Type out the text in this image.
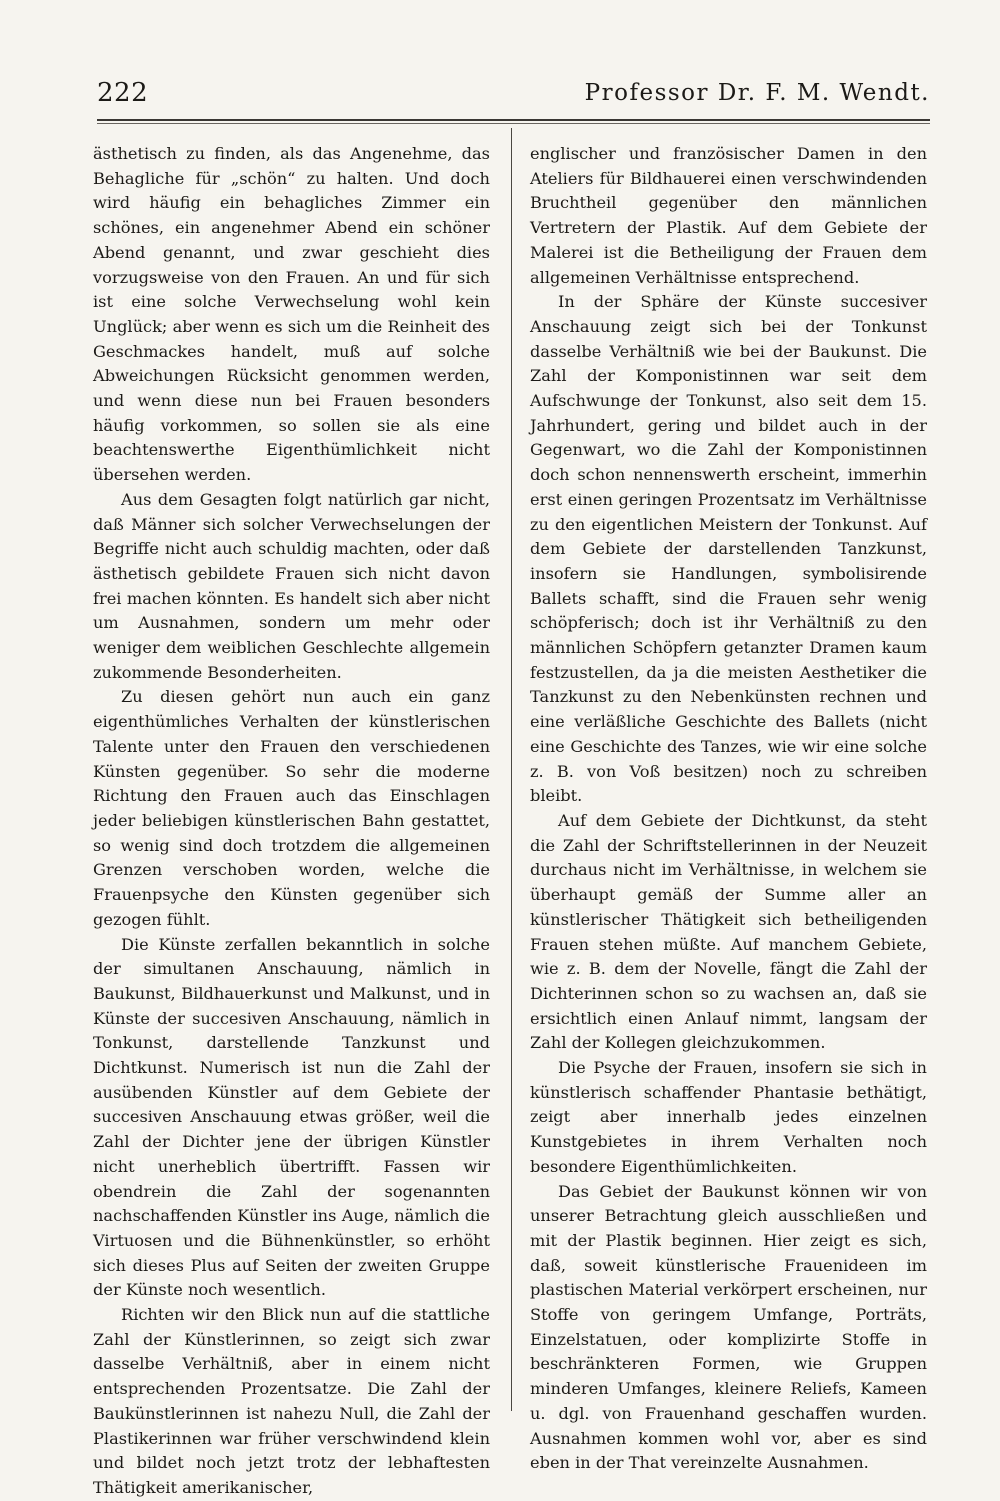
222	Professor Dr. F. M. Wendt.

ästhetisch zu finden, als das Angenehme, das Behagliche für „schön“ zu halten. Und doch wird häufig ein behagliches Zimmer ein schönes, ein angenehmer Abend ein schöner Abend genannt, und zwar geschieht dies vorzugsweise von den Frauen. An und für sich ist eine solche Verwechselung wohl kein Unglück; aber wenn es sich um die Reinheit des Geschmackes handelt, muß auf solche Abweichungen Rücksicht genommen werden, und wenn diese nun bei Frauen besonders häufig vorkommen, so sollen sie als eine beachtenswerthe Eigenthümlichkeit nicht übersehen werden.

Aus dem Gesagten folgt natürlich gar nicht, daß Männer sich solcher Verwechselungen der Begriffe nicht auch schuldig machten, oder daß ästhetisch gebildete Frauen sich nicht davon frei machen könnten. Es handelt sich aber nicht um Ausnahmen, sondern um mehr oder weniger dem weiblichen Geschlechte allgemein zukommende Besonderheiten.

Zu diesen gehört nun auch ein ganz eigenthümliches Verhalten der künstlerischen Talente unter den Frauen den verschiedenen Künsten gegenüber. So sehr die moderne Richtung den Frauen auch das Einschlagen jeder beliebigen künstlerischen Bahn gestattet, so wenig sind doch trotzdem die allgemeinen Grenzen verschoben worden, welche die Frauenpsyche den Künsten gegenüber sich gezogen fühlt.

Die Künste zerfallen bekanntlich in solche der simultanen Anschauung, nämlich in Baukunst, Bildhauerkunst und Malkunst, und in Künste der succesiven Anschauung, nämlich in Tonkunst, darstellende Tanzkunst und Dichtkunst. Numerisch ist nun die Zahl der ausübenden Künstler auf dem Gebiete der succesiven Anschauung etwas größer, weil die Zahl der Dichter jene der übrigen Künstler nicht unerheblich übertrifft. Fassen wir obendrein die Zahl der sogenannten nachschaffenden Künstler ins Auge, nämlich die Virtuosen und die Bühnenkünstler, so erhöht sich dieses Plus auf Seiten der zweiten Gruppe der Künste noch wesentlich.

Richten wir den Blick nun auf die stattliche Zahl der Künstlerinnen, so zeigt sich zwar dasselbe Verhältniß, aber in einem nicht entsprechenden Prozentsatze. Die Zahl der Baukünstlerinnen ist nahezu Null, die Zahl der Plastikerinnen war früher verschwindend klein und bildet noch jetzt trotz der lebhaftesten Thätigkeit amerikanischer,

englischer und französischer Damen in den Ateliers für Bildhauerei einen verschwindenden Bruchtheil gegenüber den männlichen Vertretern der Plastik. Auf dem Gebiete der Malerei ist die Betheiligung der Frauen dem allgemeinen Verhältnisse entsprechend.

In der Sphäre der Künste succesiver Anschauung zeigt sich bei der Tonkunst dasselbe Verhältniß wie bei der Baukunst. Die Zahl der Komponistinnen war seit dem Aufschwunge der Tonkunst, also seit dem 15. Jahrhundert, gering und bildet auch in der Gegenwart, wo die Zahl der Komponistinnen doch schon nennenswerth erscheint, immerhin erst einen geringen Prozentsatz im Verhältnisse zu den eigentlichen Meistern der Tonkunst. Auf dem Gebiete der darstellenden Tanzkunst, insofern sie Handlungen, symbolisirende Ballets schafft, sind die Frauen sehr wenig schöpferisch; doch ist ihr Verhältniß zu den männlichen Schöpfern getanzter Dramen kaum festzustellen, da ja die meisten Aesthetiker die Tanzkunst zu den Nebenkünsten rechnen und eine verläßliche Geschichte des Ballets (nicht eine Geschichte des Tanzes, wie wir eine solche z. B. von Voß besitzen) noch zu schreiben bleibt.

Auf dem Gebiete der Dichtkunst, da steht die Zahl der Schriftstellerinnen in der Neuzeit durchaus nicht im Verhältnisse, in welchem sie überhaupt gemäß der Summe aller an künstlerischer Thätigkeit sich betheiligenden Frauen stehen müßte. Auf manchem Gebiete, wie z. B. dem der Novelle, fängt die Zahl der Dichterinnen schon so zu wachsen an, daß sie ersichtlich einen Anlauf nimmt, langsam der Zahl der Kollegen gleichzukommen.

Die Psyche der Frauen, insofern sie sich in künstlerisch schaffender Phantasie bethätigt, zeigt aber innerhalb jedes einzelnen Kunstgebietes in ihrem Verhalten noch besondere Eigenthümlichkeiten.

Das Gebiet der Baukunst können wir von unserer Betrachtung gleich ausschließen und mit der Plastik beginnen. Hier zeigt es sich, daß, soweit künstlerische Frauenideen im plastischen Material verkörpert erscheinen, nur Stoffe von geringem Umfange, Porträts, Einzelstatuen, oder komplizirte Stoffe in beschränkteren Formen, wie Gruppen minderen Umfanges, kleinere Reliefs, Kameen u. dgl. von Frauenhand geschaffen wurden. Ausnahmen kommen wohl vor, aber es sind eben in der That vereinzelte Ausnahmen.
